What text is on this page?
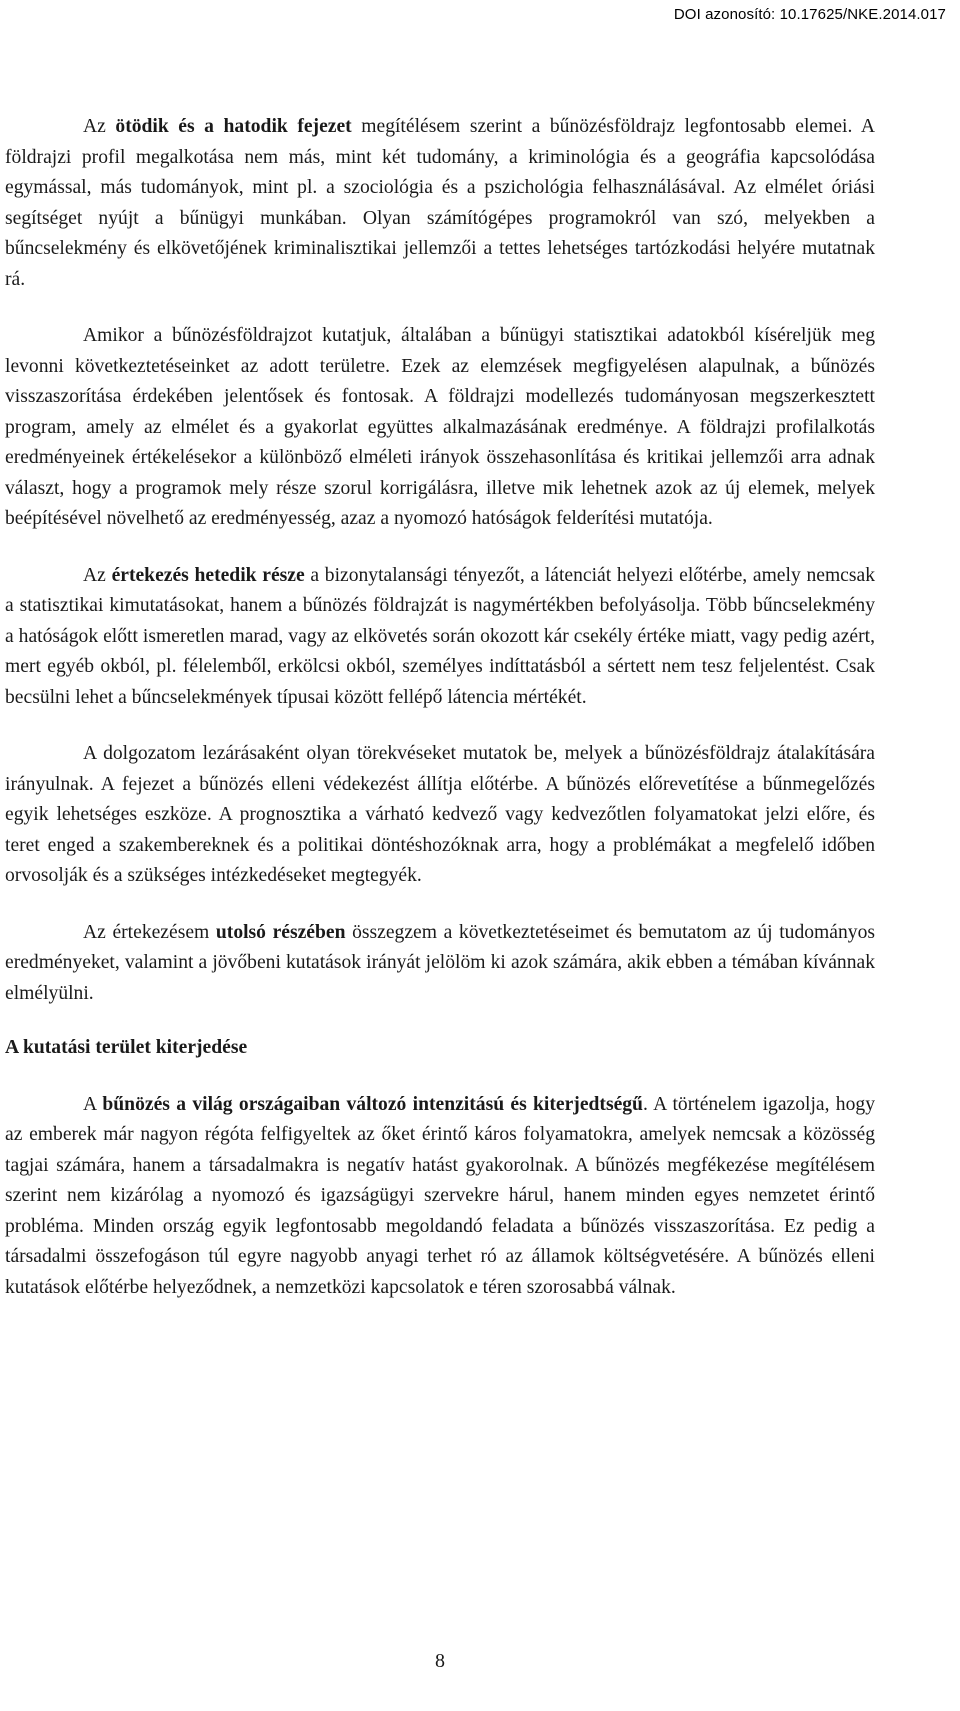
DOI azonosító: 10.17625/NKE.2014.017

Az ötödik és a hatodik fejezet megítélésem szerint a bűnözésföldrajz legfontosabb elemei. A földrajzi profil megalkotása nem más, mint két tudomány, a kriminológia és a geográfia kapcsolódása egymással, más tudományok, mint pl. a szociológia és a pszichológia felhasználásával. Az elmélet óriási segítséget nyújt a bűnügyi munkában. Olyan számítógépes programokról van szó, melyekben a bűncselekmény és elkövetőjének kriminalisztikai jellemzői a tettes lehetséges tartózkodási helyére mutatnak rá.

Amikor a bűnözésföldrajzot kutatjuk, általában a bűnügyi statisztikai adatokból kíséreljük meg levonni következtetéseinket az adott területre. Ezek az elemzések megfigyelésen alapulnak, a bűnözés visszaszorítása érdekében jelentősek és fontosak. A földrajzi modellezés tudományosan megszerkesztett program, amely az elmélet és a gyakorlat együttes alkalmazásának eredménye. A földrajzi profilalkotás eredményeinek értékelésekor a különböző elméleti irányok összehasonlítása és kritikai jellemzői arra adnak választ, hogy a programok mely része szorul korrigálásra, illetve mik lehetnek azok az új elemek, melyek beépítésével növelhető az eredményesség, azaz a nyomozó hatóságok felderítési mutatója.

Az értekezés hetedik része a bizonytalansági tényezőt, a látenciát helyezi előtérbe, amely nemcsak a statisztikai kimutatásokat, hanem a bűnözés földrajzát is nagymértékben befolyásolja. Több bűncselekmény a hatóságok előtt ismeretlen marad, vagy az elkövetés során okozott kár csekély értéke miatt, vagy pedig azért, mert egyéb okból, pl. félelemből, erkölcsi okból, személyes indíttatásból a sértett nem tesz feljelentést. Csak becsülni lehet a bűncselekmények típusai között fellépő látencia mértékét.

A dolgozatom lezárásaként olyan törekvéseket mutatok be, melyek a bűnözésföldrajz átalakítására irányulnak. A fejezet a bűnözés elleni védekezést állítja előtérbe. A bűnözés előrevetítése a bűnmegelőzés egyik lehetséges eszköze. A prognosztika a várható kedvező vagy kedvezőtlen folyamatokat jelzi előre, és teret enged a szakembereknek és a politikai döntéshozóknak arra, hogy a problémákat a megfelelő időben orvosolják és a szükséges intézkedéseket megtegyék.

Az értekezésem utolsó részében összegzem a következtetéseimet és bemutatom az új tudományos eredményeket, valamint a jövőbeni kutatások irányát jelölöm ki azok számára, akik ebben a témában kívánnak elmélyülni.

A kutatási terület kiterjedése

A bűnözés a világ országaiban változó intenzitású és kiterjedtségű. A történelem igazolja, hogy az emberek már nagyon régóta felfigyeltek az őket érintő káros folyamatokra, amelyek nemcsak a közösség tagjai számára, hanem a társadalmakra is negatív hatást gyakorolnak. A bűnözés megfékezése megítélésem szerint nem kizárólag a nyomozó és igazságügyi szervekre hárul, hanem minden egyes nemzetet érintő probléma. Minden ország egyik legfontosabb megoldandó feladata a bűnözés visszaszorítása. Ez pedig a társadalmi összefogáson túl egyre nagyobb anyagi terhet ró az államok költségvetésére. A bűnözés elleni kutatások előtérbe helyeződnek, a nemzetközi kapcsolatok e téren szorosabbá válnak.

8
